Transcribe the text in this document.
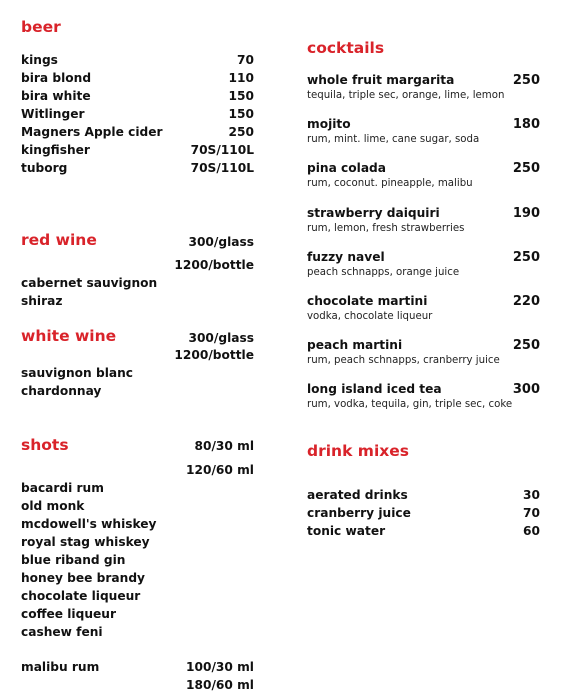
beer
kings	70
bira blond	110
bira white	150
Witlinger	150
Magners Apple cider	250
kingfisher	70S/110L
tuborg	70S/110L
red wine	300/glass
1200/bottle
cabernet sauvignon
shiraz
white wine	300/glass
1200/bottle
sauvignon blanc
chardonnay
shots	80/30 ml
120/60 ml
bacardi rum
old monk
mcdowell's whiskey
royal stag whiskey
blue riband gin
honey bee brandy
chocolate liqueur
coffee liqueur
cashew feni
malibu rum	100/30 ml
180/60 ml
cocktails
whole fruit margarita	250
tequila, triple sec, orange, lime, lemon
mojito	180
rum, mint. lime, cane sugar, soda
pina colada	250
rum, coconut. pineapple, malibu
strawberry daiquiri	190
rum, lemon, fresh strawberries
fuzzy navel	250
peach schnapps, orange juice
chocolate martini	220
vodka, chocolate liqueur
peach martini	250
rum, peach schnapps, cranberry juice
long island iced tea	300
rum, vodka, tequila, gin, triple sec, coke
drink mixes
aerated drinks	30
cranberry juice	70
tonic water	60
